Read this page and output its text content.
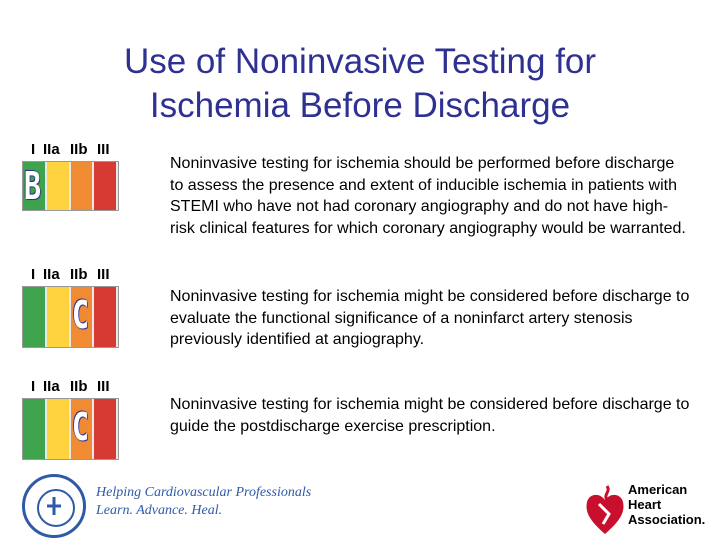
Use of Noninvasive Testing for
Ischemia Before Discharge
I IIa IIb III
B
Noninvasive testing for ischemia should be performed before discharge to assess the presence and extent of inducible ischemia in patients with STEMI who have not had coronary angiography and do not have high-risk clinical features for which coronary angiography would be warranted.
I IIa IIb III
C	Noninvasive testing for ischemia might be considered before discharge to evaluate the functional significance of a noninfarct artery stenosis previously identified at angiography.
I IIa IIb III
C
Noninvasive testing for ischemia might be considered before discharge to guide the postdischarge exercise prescription.
Helping Cardiovascular Professionals
Learn. Advance. Heal.
American
Heart
Association.
